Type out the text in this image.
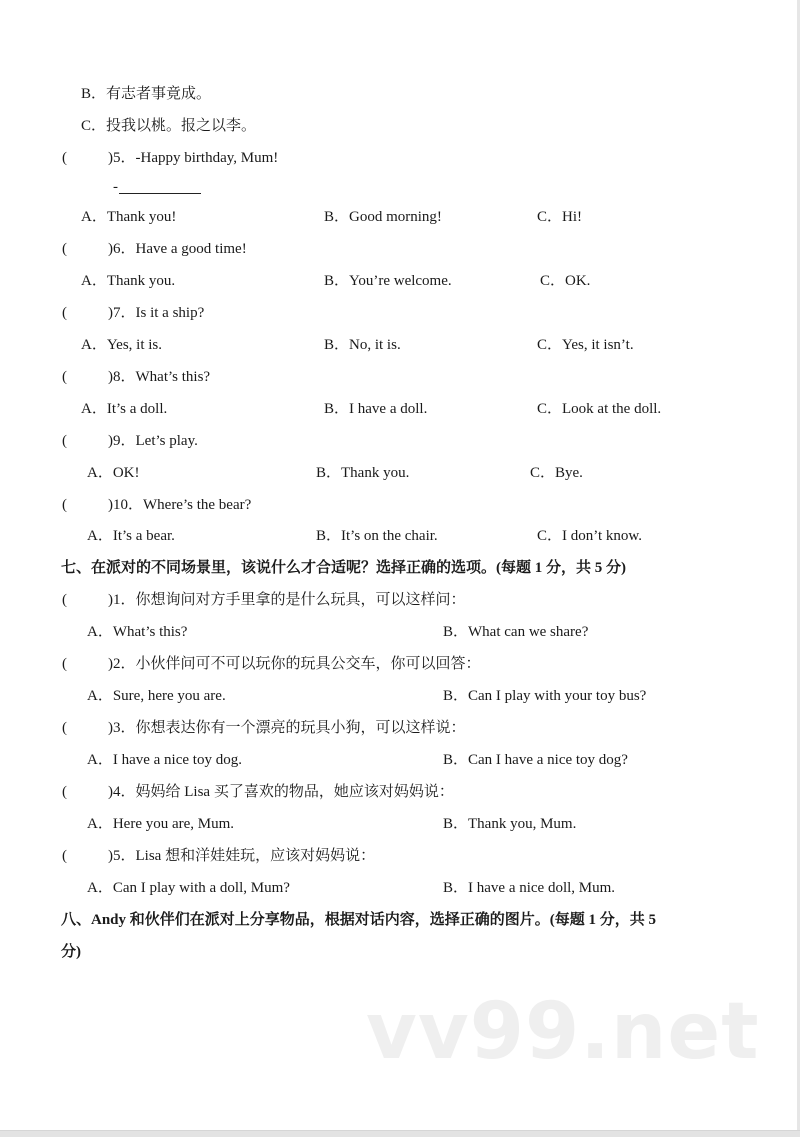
B．有志者事竟成。
C．投我以桃。报之以李。
(	)5．-Happy birthday, Mum!
-
A．Thank you!	B．Good morning!	C．Hi!
(	)6．Have a good time!
A．Thank you.	B．You’re welcome.	C．OK.
(	)7．Is it a ship?
A．Yes, it is.	B．No, it is.	C．Yes, it isn’t.
(	)8．What’s this?
A．It’s a doll.	B．I have a doll.	C．Look at the doll.
(	)9．Let’s play.
A．OK!	B．Thank you.	C．Bye.
(	)10．Where’s the bear?
A．It’s a bear.	B．It’s on the chair.	C．I don’t know.
七、在派对的不同场景里，该说什么才合适呢？选择正确的选项。(每题 1 分，共 5 分)
(	)1．你想询问对方手里拿的是什么玩具，可以这样问：
A．What’s this?	B．What can we share?
(	)2．小伙伴问可不可以玩你的玩具公交车，你可以回答：
A．Sure, here you are.	B．Can I play with your toy bus?
(	)3．你想表达你有一个漂亮的玩具小狗，可以这样说：
A．I have a nice toy dog.	B．Can I have a nice toy dog?
(	)4．妈妈给 Lisa 买了喜欢的物品，她应该对妈妈说：
A．Here you are, Mum.	B．Thank you, Mum.
(	)5．Lisa 想和洋娃娃玩，应该对妈妈说：
A．Can I play with a doll, Mum?	B．I have a nice doll, Mum.
八、Andy 和伙伴们在派对上分享物品，根据对话内容，选择正确的图片。(每题 1 分，共 5
分)
vv99.net
